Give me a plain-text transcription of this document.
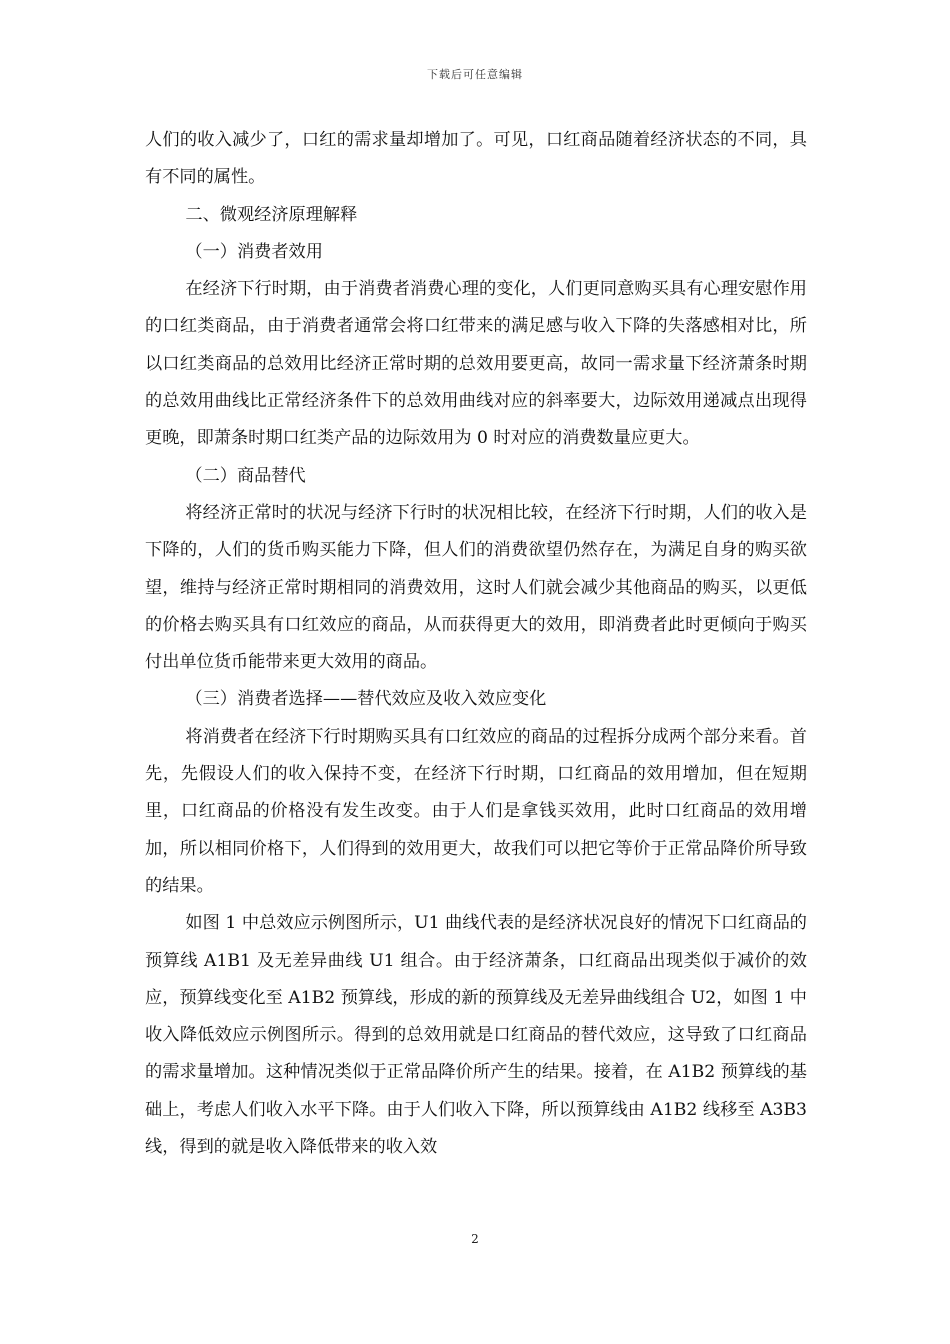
下载后可任意编辑

人们的收入减少了，口红的需求量却增加了。可见，口红商品随着经济状态的不同，具有不同的属性。

二、微观经济原理解释
（一）消费者效用

在经济下行时期，由于消费者消费心理的变化，人们更同意购买具有心理安慰作用的口红类商品，由于消费者通常会将口红带来的满足感与收入下降的失落感相对比，所以口红类商品的总效用比经济正常时期的总效用要更高，故同一需求量下经济萧条时期的总效用曲线比正常经济条件下的总效用曲线对应的斜率要大，边际效用递减点出现得更晚，即萧条时期口红类产品的边际效用为 0 时对应的消费数量应更大。

（二）商品替代

将经济正常时的状况与经济下行时的状况相比较，在经济下行时期，人们的收入是下降的，人们的货币购买能力下降，但人们的消费欲望仍然存在，为满足自身的购买欲望，维持与经济正常时期相同的消费效用，这时人们就会减少其他商品的购买，以更低的价格去购买具有口红效应的商品，从而获得更大的效用，即消费者此时更倾向于购买付出单位货币能带来更大效用的商品。

（三）消费者选择——替代效应及收入效应变化

将消费者在经济下行时期购买具有口红效应的商品的过程拆分成两个部分来看。首先，先假设人们的收入保持不变，在经济下行时期，口红商品的效用增加，但在短期里，口红商品的价格没有发生改变。由于人们是拿钱买效用，此时口红商品的效用增加，所以相同价格下，人们得到的效用更大，故我们可以把它等价于正常品降价所导致的结果。

如图 1 中总效应示例图所示，U1 曲线代表的是经济状况良好的情况下口红商品的预算线 A1B1 及无差异曲线 U1 组合。由于经济萧条，口红商品出现类似于减价的效应，预算线变化至 A1B2 预算线，形成的新的预算线及无差异曲线组合 U2，如图 1 中收入降低效应示例图所示。得到的总效用就是口红商品的替代效应，这导致了口红商品的需求量增加。这种情况类似于正常品降价所产生的结果。接着，在 A1B2 预算线的基础上，考虑人们收入水平下降。由于人们收入下降，所以预算线由 A1B2 线移至 A3B3 线，得到的就是收入降低带来的收入效

2
